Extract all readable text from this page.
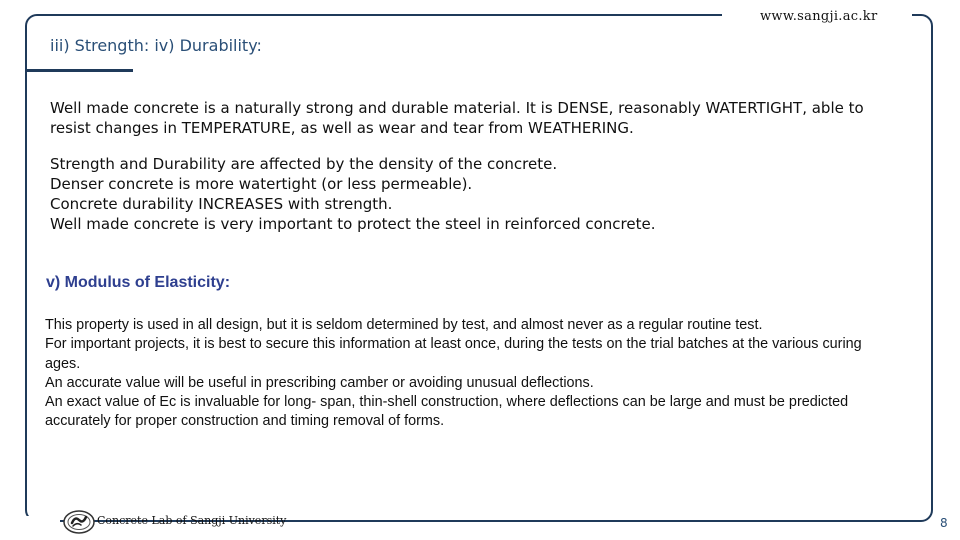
www.sangji.ac.kr
iii) Strength: iv) Durability:

Well made concrete is a naturally strong and durable material. It is DENSE, reasonably WATERTIGHT, able to resist changes in TEMPERATURE, as well as wear and tear from WEATHERING.

Strength and Durability are affected by the density of the concrete.
Denser concrete is more watertight (or less permeable).
Concrete durability INCREASES with strength.
Well made concrete is very important to protect the steel in reinforced concrete.
v) Modulus of Elasticity:
This property is used in all design, but it is seldom determined by test, and almost never as a regular routine test.
For important projects, it is best to secure this information at least once, during the tests on the trial batches at the various curing ages.
An accurate value will be useful in prescribing camber or avoiding unusual deflections.
An exact value of Ec is invaluable for long- span, thin-shell construction, where deflections can be large and must be predicted accurately for proper construction and timing removal of forms.
Concrete Lab of Sangji University	8
